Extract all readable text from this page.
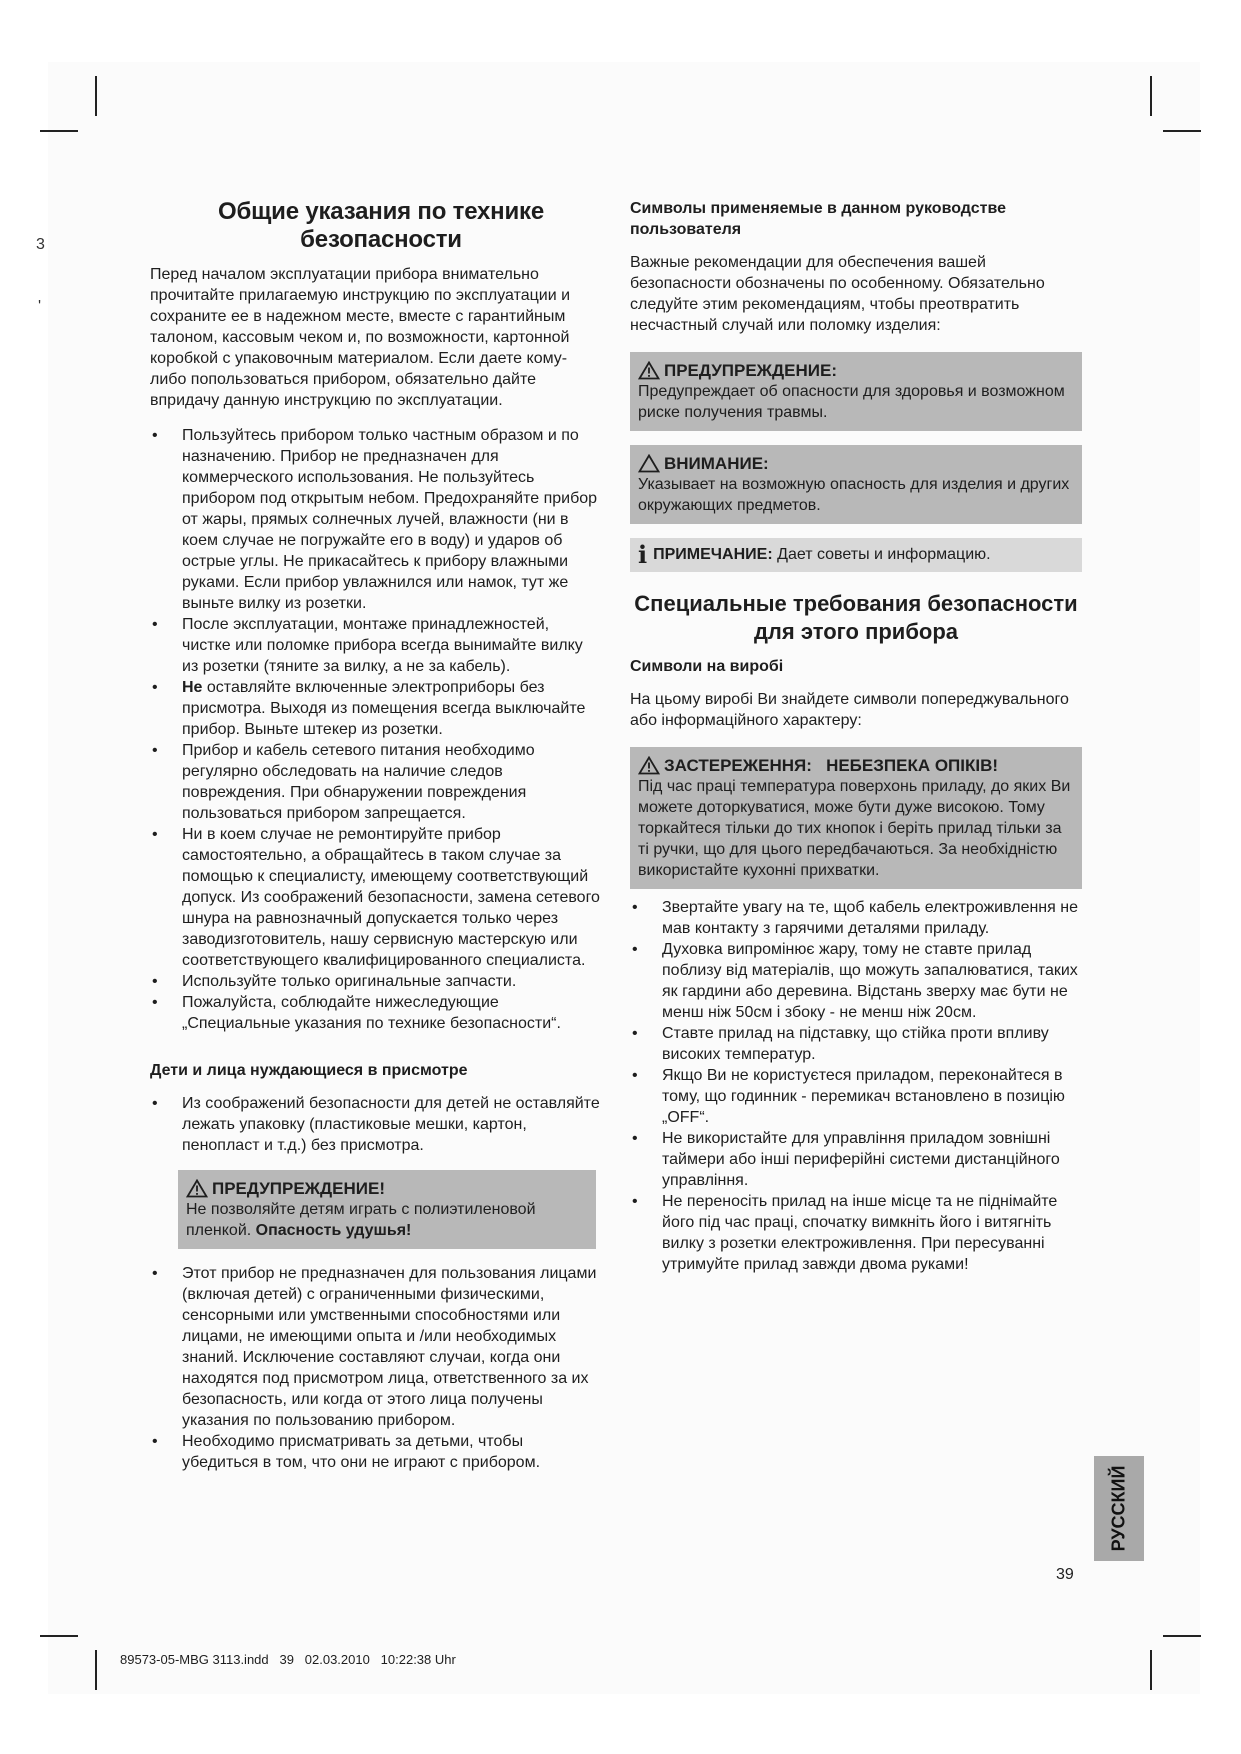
3
'

Общие указания по технике безопасности

Перед началом эксплуатации прибора внимательно прочитайте прилагаемую инструкцию по эксплуатации и сохраните ее в надежном месте, вместе с гарантийным талоном, кассовым чеком и, по возможности, картонной коробкой с упаковочным материалом. Если даете кому-либо попользоваться прибором, обязательно дайте впридачу данную инструкцию по эксплуатации.

• Пользуйтесь прибором только частным образом и по назначению. Прибор не предназначен для коммерческого использования. Не пользуйтесь прибором под открытым небом. Предохраняйте прибор от жары, прямых солнечных лучей, влажности (ни в коем случае не погружайте его в воду) и ударов об острые углы. Не прикасайтесь к прибору влажными руками. Если прибор увлажнился или намок, тут же выньте вилку из розетки.
• После эксплуатации, монтаже принадлежностей, чистке или поломке прибора всегда вынимайте вилку из розетки (тяните за вилку, а не за кабель).
• Не оставляйте включенные электроприборы без присмотра. Выходя из помещения всегда выключайте прибор. Выньте штекер из розетки.
• Прибор и кабель сетевого питания необходимо регулярно обследовать на наличие следов повреждения. При обнаружении повреждения пользоваться прибором запрещается.
• Ни в коем случае не ремонтируйте прибор самостоятельно, а обращайтесь в таком случае за помощью к специалисту, имеющему соответствующий допуск. Из соображений безопасности, замена сетевого шнура на равнозначный допускается только через заводизготовитель, нашу сервисную мастерскую или соответствующего квалифицированного специалиста.
• Используйте только оригинальные запчасти.
• Пожалуйста, соблюдайте нижеследующие „Специальные указания по технике безопасности“.

Дети и лица нуждающиеся в присмотре

• Из соображений безопасности для детей не оставляйте лежать упаковку (пластиковые мешки, картон, пенопласт и т.д.) без присмотра.
ПРЕДУПРЕЖДЕНИЕ!
Не позволяйте детям играть с полиэтиленовой пленкой. Опасность удушья!
• Этот прибор не предназначен для пользования лицами (включая детей) с ограниченными физическими, сенсорными или умственными способностями или лицами, не имеющими опыта и /или необходимых знаний. Исключение составляют случаи, когда они находятся под присмотром лица, ответственного за их безопасность, или когда от этого лица получены указания по пользованию прибором.
• Необходимо присматривать за детьми, чтобы убедиться в том, что они не играют с прибором.

Символы применяемые в данном руководстве пользователя

Важные рекомендации для обеспечения вашей безопасности обозначены по особенному. Обязательно следуйте этим рекомендациям, чтобы преотвратить несчастный случай или поломку изделия:

ПРЕДУПРЕЖДЕНИЕ:
Предупреждает об опасности для здоровья и возможном риске получения травмы.
ВНИМАНИЕ:
Указывает на возможную опасность для изделия и других окружающих предметов.
i ПРИМЕЧАНИЕ: Дает советы и информацию.

Специальные требования безопасности для этого прибора

Символи на виробі

На цьому виробі Ви знайдете символи попереджувального або інформаційного характеру:

ЗАСТЕРЕЖЕННЯ:   НЕБЕЗПЕКА ОПІКІВ!
Під час праці температура поверхонь приладу, до яких Ви можете доторкуватися, може бути дуже високою. Тому торкайтеся тільки до тих кнопок і беріть прилад тільки за ті ручки, що для цього передбачаються. За необхідністю використайте кухонні прихватки.
• Звертайте увагу на те, щоб кабель електроживлення не мав контакту з гарячими деталями приладу.
• Духовка випромінює жару, тому не ставте прилад поблизу від матеріалів, що можуть запалюватися, таких як гардини або деревина. Відстань зверху має бути не менш ніж 50см і збоку - не менш ніж 20см.
• Ставте прилад на підставку, що стійка проти впливу високих температур.
• Якщо Ви не користуєтеся приладом, переконайтеся в тому, що годинник - перемикач встановлено в позицію „OFF“.
• Не використайте для управління приладом зовнішні таймери або інші периферійні системи дистанційного управління.
• Не переносіть прилад на інше місце та не піднімайте його під час праці, спочатку вимкніть його і витягніть вилку з розетки електроживлення. При пересуванні утримуйте прилад завжди двома руками!
РУССКИЙ
39
89573-05-MBG 3113.indd   39   02.03.2010   10:22:38 Uhr
